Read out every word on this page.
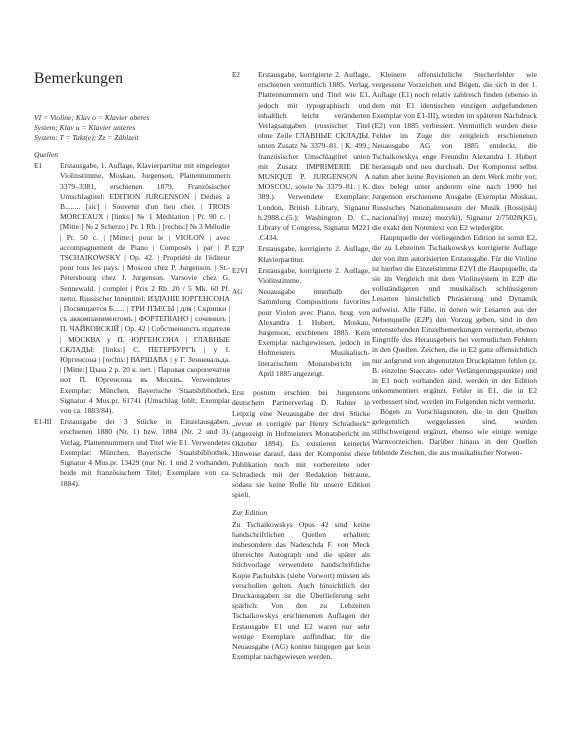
Bemerkungen
VI = Violine; Klav o = Klavier oberes
System; Klav u = Klavier unteres
System; T = Takt(e); Zz = Zählzeit
Quellen
E1	Erstausgabe, 1. Auflage, Klavierpartitur mit eingelegter Violinstimme, Moskau, Jurgenson, Plattennummern 3379–3381, erschienen 1879. Französischer Umschlagtitel: EDITION JURGENSON | Dédiés à B........ [sic] | Souvenir d'un lieu cher. | TROIS MORCEAUX | [links:] № 1 Méditation | Pr. 90 c. | [Mitte:] № 2 Scherzo | Pr. 1 Rb. | [rechts:] № 3 Mélodie | Pr. 50 c. | [Mitte:] pour le | VIOLON | avec accompagnement de Piano | Composés | par | P. TSCHAIKOWSKY | Op. 42. | Propriété de l'éditeur pour tous les pays. | Moscou chez P. Jurgenson. | St.-Pétersbourg chez J. Jurgenson. Varsovie chez G. Sennewald. | complet | Prix 2 Rb. 20 / 5 Mk. 60 Pf. netto. Russischer Innentitel: ИЗДАНІЕ ЮРГЕНСОНА | Посвящается Б...... | ТРИ ПЪЕСЫ | для | Скрипки | съ аккомпаниментомъ | ФОРТЕПІАНО | сочинилъ | П. ЧАЙКОВСКІЙ | Ор. 42 | Собственность издателя | МОСКВА у П. ЮРГЕНСОНА | ГЛАВНЫЕ СКЛАДЫ: [links:] С. ПЕТЕРБУРГЪ | у І. Юргенсона | [rechts:] ВАРШАВА | у Г. Зенневальда. | [Mitte:] Цъна 2 р. 20 к. нет. | Паровая скоропечатня нот П. Юргенсона въ Москвъ. Verwendetes Exemplar: München, Bayerische Staatsbibliothek, Signatur 4 Mus.pr. 61741 (Umschlag fehlt; Exemplar von ca. 1883/84).
E1-III	Erstausgabe der 3 Stücke in Einzelausgaben, erschienen 1880 (Nr. 1) bzw. 1884 (Nr. 2 und 3). Verlag, Plattennummern und Titel wie E1. Verwendetes Exemplar: München, Bayerische Staatsbibliothek, Signatur 4 Mus.pr. 13429 (nur Nr. 1 und 2 vorhanden, beide mit französischem Titel; Exemplare von ca. 1884).
E2	Erstausgabe, korrigierte 2. Auflage, erschienen vermutlich 1885. Verlag, Plattennummern und Titel wie E1, jedoch mit typographisch und inhaltlich leicht veränderten Verlagsangaben (russischer Titel ohne Zeile ГЛАВНЫЕ СКЛАДЫ, unten Zusatz № 3379–81. | К. 499.; französischer Umschlagtitel unten mit Zusatz IMPRIMERIE DE MUSIQUE P. JURGENSON A MOSCOU, sowie № 3379–81. | K. 389.). Verwendete Exemplare: London, British Library, Signatur h.2988.c.(5.); Washington D. C., Library of Congress, Signatur M221 .C434.
E2P	Erstausgabe, korrigierte 2. Auflage, Klavierpartitur.
E2VI	Erstausgabe, korrigierte 2. Auflage, Violinstimme.
AG	Neuausgabe innerhalb der Sammlung Compositions favorites pour Violon avec Piano, hrsg. von Alexandra I. Hubert, Moskau, Jurgenson, erschienen 1885. Kein Exemplar nachgewiesen, jedoch in Hofmeisters Musikalisch-literarischem Monatsbericht im April 1885 angezeigt.
Erst postum erschien bei Jurgensons deutschem Partnerverlag D. Rahter in Leipzig eine Neuausgabe der drei Stücke „revue et corrigée par Henry Schradieck“ (angezeigt in Hofmeisters Monatsbericht im Oktober 1894). Es existieren keinerlei Hinweise darauf, dass der Komponist diese Publikation noch mit vorbereitete oder Schradieck mit der Redaktion betraute, sodass sie keine Rolle für unsere Edition spielt.
Zur Edition
Zu Tschaikowskys Opus 42 sind keine handschriftlichen Quellen erhalten; insbesondere das Nadeschda F. von Meck übereichte Autograph und die später als Stichvorlage verwendete handschriftliche Kopie Pachulskis (siehe Vorwort) müssen als verschollen gelten. Auch hinsichtlich der Druckausgaben ist die Überlieferung sehr spärlich: Von den zu Lebzeiten Tschaikowskys erschienenen Auflagen der Erstausgabe E1 und E2 waren nur sehr wenige Exemplare auffindbar, für die Neuausgabe (AG) konnte hingegen gar kein Exemplar nachgewiesen werden.
Kleinere offensichtliche Stecherfehler wie vergessene Vorzeichen und Bögen, die sich in der 1. Auflage (E1) noch relativ zahlreich finden (ebenso in dem mit E1 identischen einzigen aufgefundenen Exemplar von E1-III), wurden im späteren Nachdruck (E2) von 1885 verbessert. Vermutlich wurden diese Fehler im Zuge der zeitgleich erschienenen Neuausgabe AG von 1885 entdeckt, die Tschaikowskys enge Freundin Alexandra I. Hubert herausgab und neu durchsah. Der Komponist selbst nahm aber keine Revisionen an dem Werk mehr vor; dies belegt unter anderem eine nach 1900 bei Jurgenson erschienene Ausgabe (Exemplar Moskau, Russisches Nationalmuseum der Musik (Rossijskij nacional'nyj muzej muzyki), Signatur 2/75028(K5), die exakt den Notentext von E2 wiedergibt.
Hauptquelle der vorliegenden Edition ist somit E2, die zu Lebzeiten Tschaikowskys korrigierte Auflage der von ihm autorisierten Erstausgabe. Für die Violine ist hierbei die Einzelstimme E2VI die Hauptquelle, da sie im Vergleich mit dem Violinsystem in E2P die vollständigeren und musikalisch schlüssigeren Lesarten hinsichtlich Phrasierung und Dynamik aufweist. Alle Fälle, in denen wir Lesarten aus der Nebenquelle (E2P) den Vorzug geben, sind in den untenstehenden Einzelbemerkungen vermerkt, ebenso Eingriffe des Herausgebers bei vermutlichen Fehlern in den Quellen. Zeichen, die in E2 ganz offensichtlich nur aufgrund von abgenutzten Druckplatten fehlen (z. B. einzelne Staccato- oder Verlängerungspunkte) und in E1 noch vorhanden sind, werden in der Edition unkommentiert ergänzt. Fehler in E1, die in E2 verbessert sind, werden im Folgenden nicht vermerkt.
Bögen zu Vorschlagsnoten, die in den Quellen gelegentlich weggelassen sind, wurden stillschweigend ergänzt, ebenso wie einige wenige Warnvorzeichen. Darüber hinaus in den Quellen fehlende Zeichen, die aus musikalischer Notwen-
